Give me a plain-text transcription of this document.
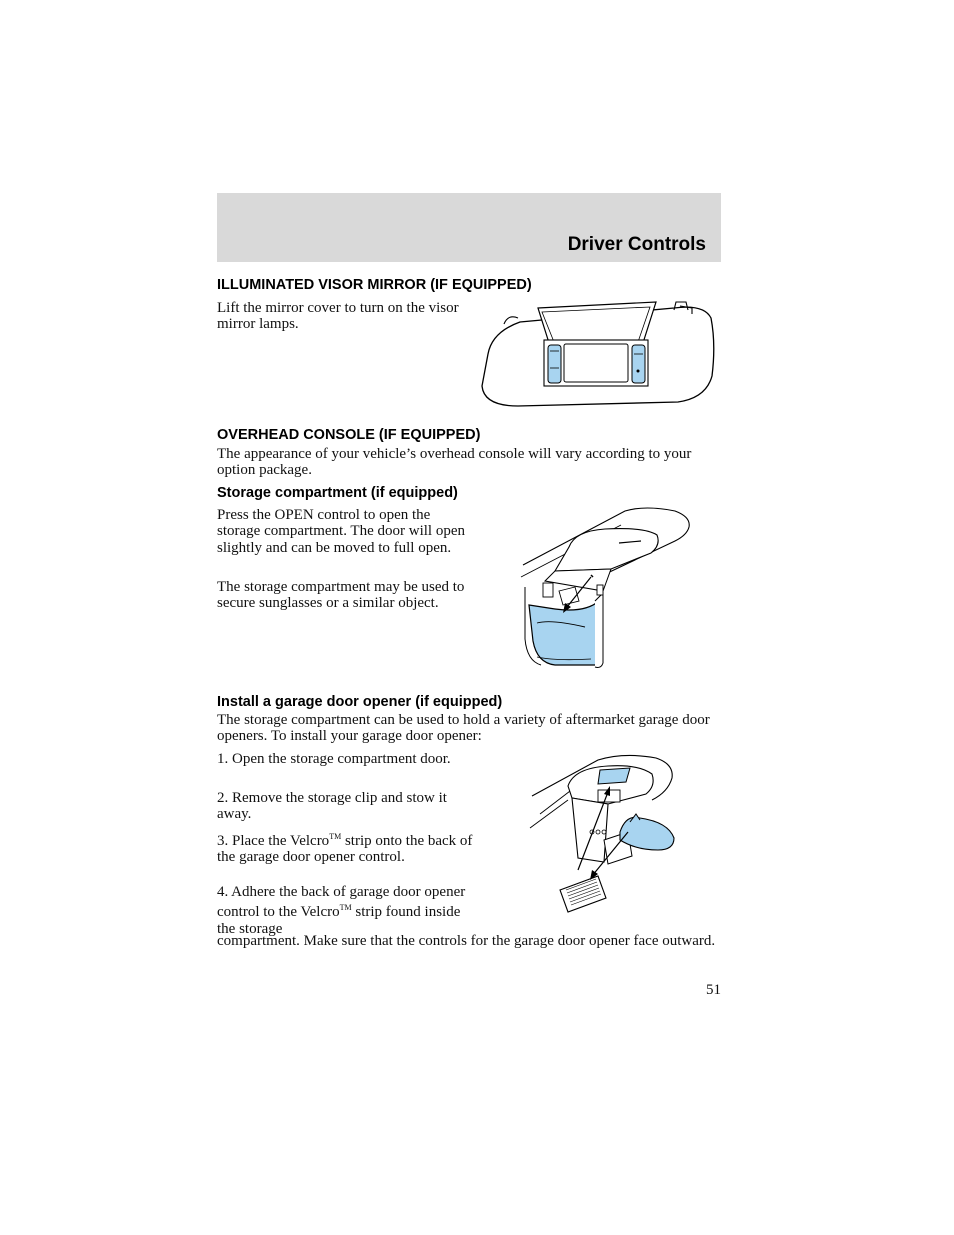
Driver Controls
ILLUMINATED VISOR MIRROR (IF EQUIPPED)

Lift the mirror cover to turn on the visor mirror lamps.

OVERHEAD CONSOLE (IF EQUIPPED)

The appearance of your vehicle’s overhead console will vary according to your option package.

Storage compartment (if equipped)

Press the OPEN control to open the storage compartment. The door will open slightly and can be moved to full open.

The storage compartment may be used to secure sunglasses or a similar object.

Install a garage door opener (if equipped)

The storage compartment can be used to hold a variety of aftermarket garage door openers. To install your garage door opener:

1. Open the storage compartment door.

2. Remove the storage clip and stow it away.

3. Place the Velcro™ strip onto the back of the garage door opener control.

4. Adhere the back of garage door opener control to the Velcro™ strip found inside the storage

compartment. Make sure that the controls for the garage door opener face outward.

51
